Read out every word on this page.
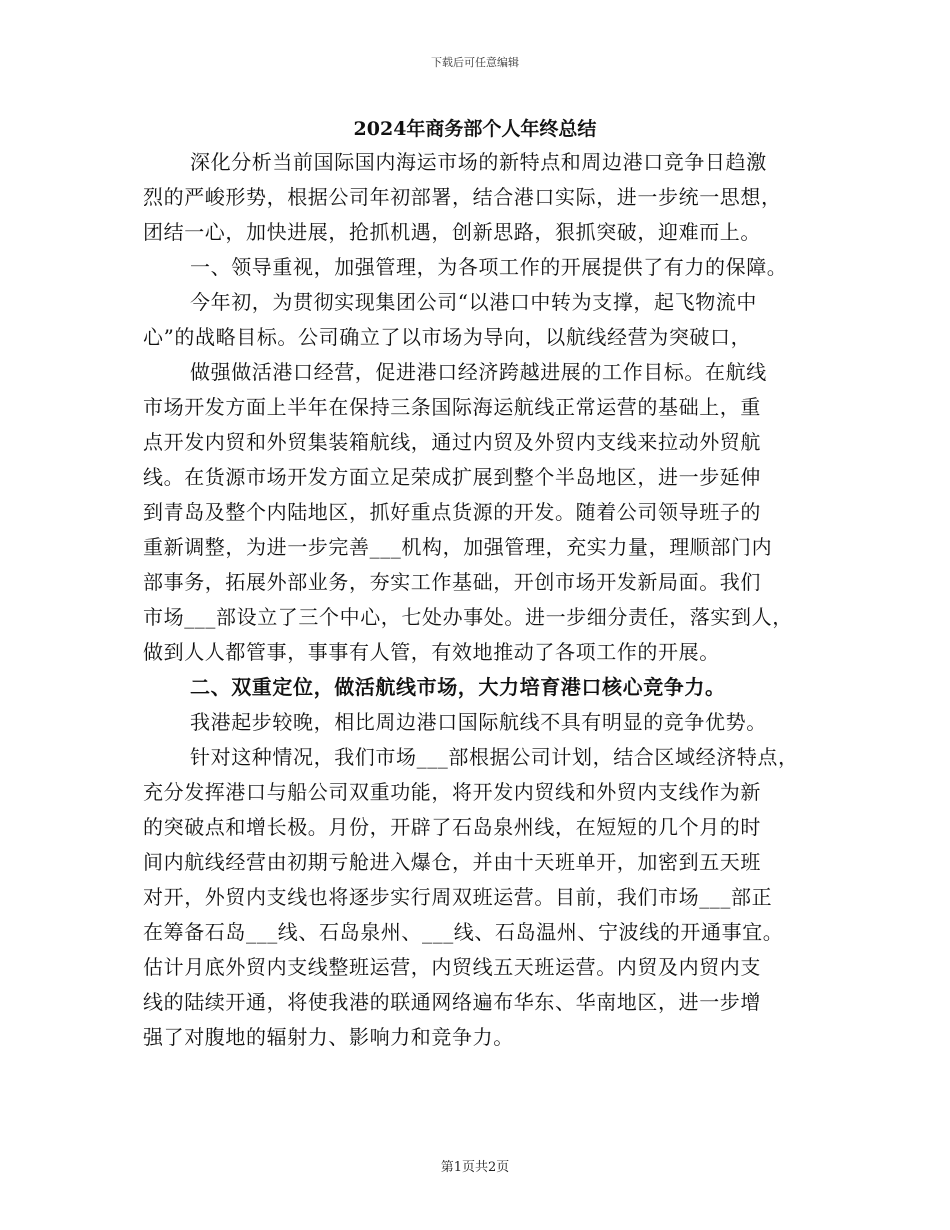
下载后可任意编辑
2024年商务部个人年终总结
深化分析当前国际国内海运市场的新特点和周边港口竞争日趋激
烈的严峻形势，根据公司年初部署，结合港口实际，进一步统一思想，
团结一心，加快进展，抢抓机遇，创新思路，狠抓突破，迎难而上。
一、领导重视，加强管理，为各项工作的开展提供了有力的保障。
今年初，为贯彻实现集团公司“以港口中转为支撑，起飞物流中
心”的战略目标。公司确立了以市场为导向，以航线经营为突破口，
做强做活港口经营，促进港口经济跨越进展的工作目标。在航线
市场开发方面上半年在保持三条国际海运航线正常运营的基础上，重
点开发内贸和外贸集装箱航线，通过内贸及外贸内支线来拉动外贸航
线。在货源市场开发方面立足荣成扩展到整个半岛地区，进一步延伸
到青岛及整个内陆地区，抓好重点货源的开发。随着公司领导班子的
重新调整，为进一步完善___机构，加强管理，充实力量，理顺部门内
部事务，拓展外部业务，夯实工作基础，开创市场开发新局面。我们
市场___部设立了三个中心，七处办事处。进一步细分责任，落实到人，
做到人人都管事，事事有人管，有效地推动了各项工作的开展。
二、双重定位，做活航线市场，大力培育港口核心竞争力。
我港起步较晚，相比周边港口国际航线不具有明显的竞争优势。
针对这种情况，我们市场___部根据公司计划，结合区域经济特点，
充分发挥港口与船公司双重功能，将开发内贸线和外贸内支线作为新
的突破点和增长极。月份，开辟了石岛泉州线，在短短的几个月的时
间内航线经营由初期亏舱进入爆仓，并由十天班单开，加密到五天班
对开，外贸内支线也将逐步实行周双班运营。目前，我们市场___部正
在筹备石岛___线、石岛泉州、___线、石岛温州、宁波线的开通事宜。
估计月底外贸内支线整班运营，内贸线五天班运营。内贸及内贸内支
线的陆续开通，将使我港的联通网络遍布华东、华南地区，进一步增
强了对腹地的辐射力、影响力和竞争力。
第1页共2页
